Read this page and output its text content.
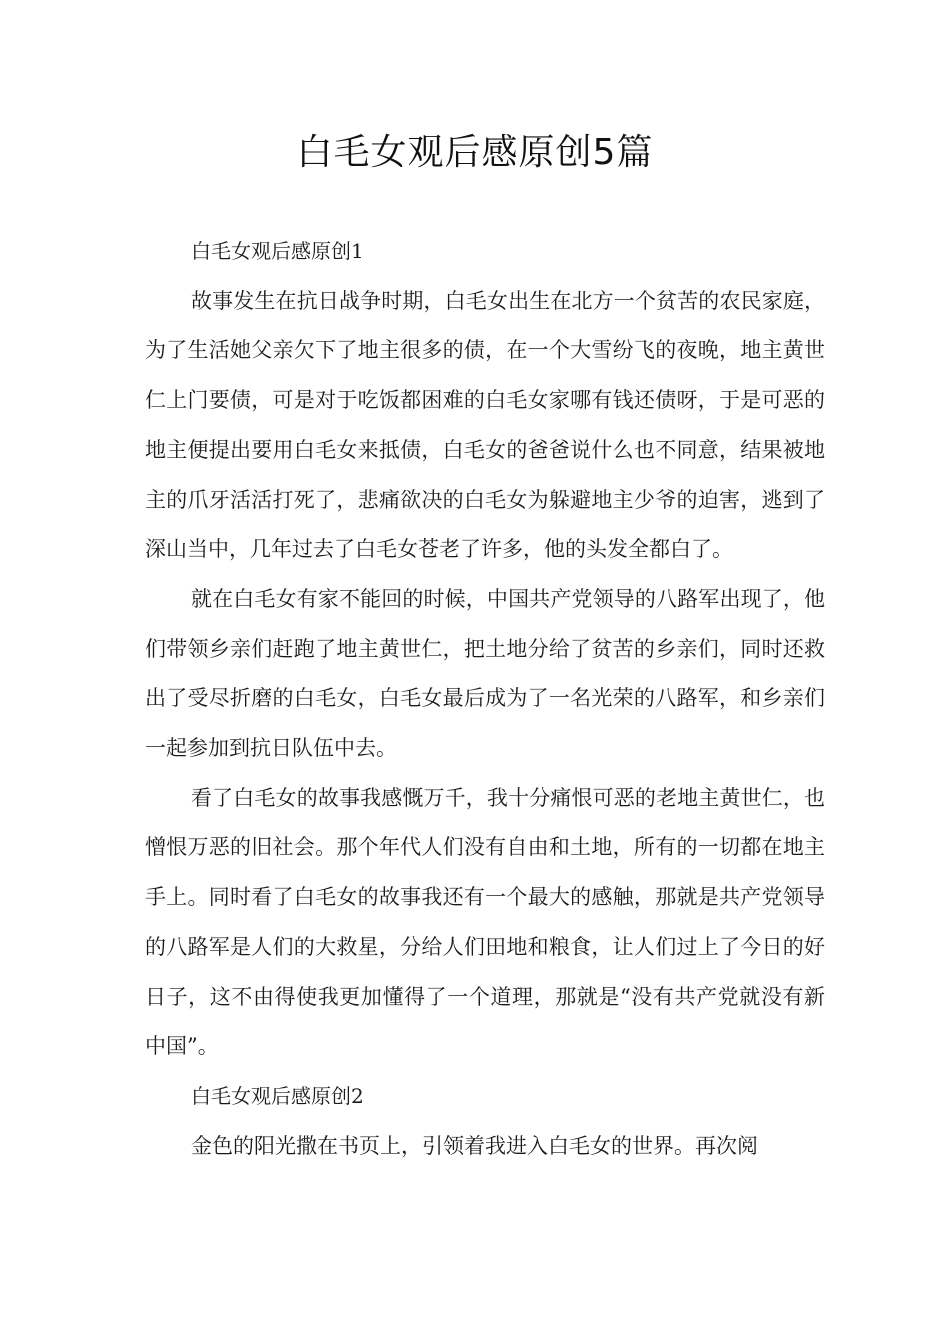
白毛女观后感原创5篇

白毛女观后感原创1

故事发生在抗日战争时期，白毛女出生在北方一个贫苦的农民家庭，为了生活她父亲欠下了地主很多的债，在一个大雪纷飞的夜晚，地主黄世仁上门要债，可是对于吃饭都困难的白毛女家哪有钱还债呀，于是可恶的地主便提出要用白毛女来抵债，白毛女的爸爸说什么也不同意，结果被地主的爪牙活活打死了，悲痛欲决的白毛女为躲避地主少爷的迫害，逃到了深山当中，几年过去了白毛女苍老了许多，他的头发全都白了。

就在白毛女有家不能回的时候，中国共产党领导的八路军出现了，他们带领乡亲们赶跑了地主黄世仁，把土地分给了贫苦的乡亲们，同时还救出了受尽折磨的白毛女，白毛女最后成为了一名光荣的八路军，和乡亲们一起参加到抗日队伍中去。

看了白毛女的故事我感慨万千，我十分痛恨可恶的老地主黄世仁，也憎恨万恶的旧社会。那个年代人们没有自由和土地，所有的一切都在地主手上。同时看了白毛女的故事我还有一个最大的感触，那就是共产党领导的八路军是人们的大救星，分给人们田地和粮食，让人们过上了今日的好日子，这不由得使我更加懂得了一个道理，那就是“没有共产党就没有新中国”。

白毛女观后感原创2

金色的阳光撒在书页上，引领着我进入白毛女的世界。再次阅
